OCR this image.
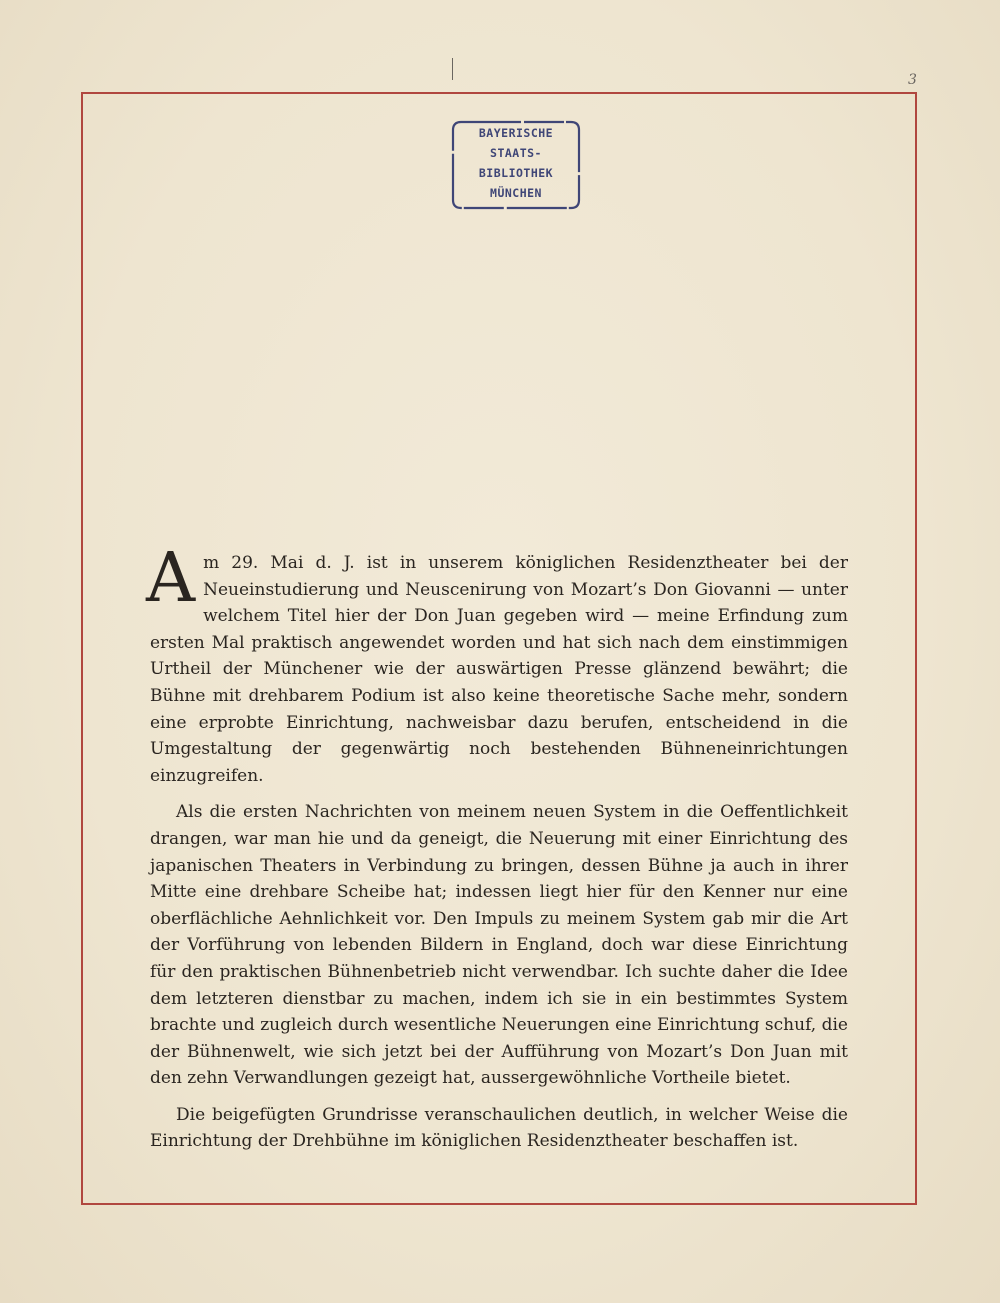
3
BAYERISCHE
STAATS-
BIBLIOTHEK
MÜNCHEN

Am 29. Mai d. J. ist in unserem königlichen Residenztheater bei der Neueinstudierung und Neuscenirung von Mozart’s Don Giovanni — unter welchem Titel hier der Don Juan gegeben wird — meine Erfindung zum ersten Mal praktisch angewendet worden und hat sich nach dem einstimmigen Urtheil der Münchener wie der auswärtigen Presse glänzend bewährt; die Bühne mit drehbarem Podium ist also keine theoretische Sache mehr, sondern eine erprobte Einrichtung, nachweisbar dazu berufen, entscheidend in die Umgestaltung der gegenwärtig noch bestehenden Bühneneinrichtungen einzugreifen.

Als die ersten Nachrichten von meinem neuen System in die Oeffentlichkeit drangen, war man hie und da geneigt, die Neuerung mit einer Einrichtung des japanischen Theaters in Verbindung zu bringen, dessen Bühne ja auch in ihrer Mitte eine drehbare Scheibe hat; indessen liegt hier für den Kenner nur eine oberflächliche Aehnlichkeit vor. Den Impuls zu meinem System gab mir die Art der Vorführung von lebenden Bildern in England, doch war diese Einrichtung für den praktischen Bühnenbetrieb nicht verwendbar. Ich suchte daher die Idee dem letzteren dienstbar zu machen, indem ich sie in ein bestimmtes System brachte und zugleich durch wesentliche Neuerungen eine Einrichtung schuf, die der Bühnenwelt, wie sich jetzt bei der Aufführung von Mozart’s Don Juan mit den zehn Verwandlungen gezeigt hat, aussergewöhnliche Vortheile bietet.

Die beigefügten Grundrisse veranschaulichen deutlich, in welcher Weise die Einrichtung der Drehbühne im königlichen Residenztheater beschaffen ist.
